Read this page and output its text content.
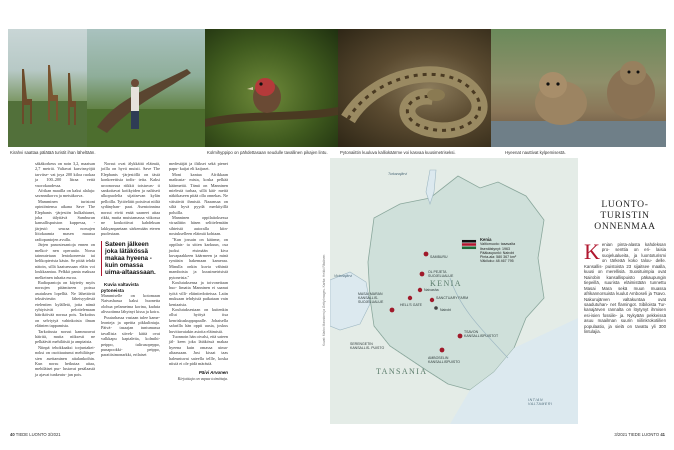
Kirahvi saattaa pälätää turistit ihan läheltään.	Kolmihyppipo on pähdettasaan seudulle tavallinen pikajen lintu.	Pytonaiittin kuuluva kalliokäärme voi kasvaa kuusimetriseksi.	Hyeenat nauttivat kylpemisestä.

säkäkorkeus on noin 3,2, maatsan 2,7 metriä. Valtavat kasvinsyöjät tarvitse- vat joya 200 kiloa ruokaa ja 100–200 litraa vettä vuorokaudessa.

Afrikan maailla on kaksi alalaja: savannikorva ja metsäkorva.

Mamminen turistoni opintöniensa aikana Save The Elephants -järjestön hulkahtanet, joka tälyttävä Samburun kansallispuiston kuppessa, -järjestö seuraa norsujen liitokaamia masen muassa radiopantojen avulla.

Järjen panostesantoja ennen on melkoi- nen operaatio. Norsu tainnutetaan lentokoneesta tai helikopterista käsin. Se pitää tehdä nätoin, sillä kaatuessaan eläin voi loukkaantua. Pelkkä panta maksaa melkeinen tuhatta euroa.

Radiopantoja on käytetty myös norsujen pitämiseen poissa asutuksen lopelltä. Ne lähettävät tekstiviestin läheisyydestä etelentien kylälletä, jotta nämä ryhtyisivät pelottelemaan häiriköivää norsua pois. Tarkoitus on selviytyä vahinkoista ilman eläinten tappamista.

Tarkoitusta norsut kammoavat häiritä, mutta niiksesti ne pelkäävät mehiläisiä ja ampiaisia.

Niinpä tehokkaaksi torjuntakei- noksi on osoittautunut mehiläispe- sien asettaminen aitalankoihin. Kun norsu hetkutaa aitaa, mehiläiset pur- lustavat pesälaastä ja ajavat tunkeutu- jan pois.

Norsut ovat älykkäitä eläimiä, joilla on hyvä muisti. Save The Elephants -järjestöllä on tästä konkreettisia todis- teita. Kaksi uroonorsua riikkit toistuvas- ti sankoitavat kotikyiden ja naltiseti ulkopuolelta sijaitsevan kylän pelloilla. Tyttöeläitt poistivat niiltä sydänyhan- paat. Asentoinnina norsut eivät enää saaneet aitaa rikki, mutta muistamassa viikossa ne koukottivat kahdeksan lakkyanpaetaan särkemään eteren puolestaan.

Sateen jälkeen joka lätäkössä makaa hyeena - kuin omassa uima-altaassaan.

Kuvia valtavista pytoneista

Mammiselle on kotomaan Naivashassa kaksi huonetta olohua pelametma korina, kaduta alivuotinna lähytnyt kissa ja koira.

Puutarhassa vastaan tulee kame- leonteja ja upeitta pikkulintuja. Päivä- tasaajan tuntumassa tavallisia siivek- käitä ovat valkkapu kaptaleita, kolmihi- peippo, tulirusopeppo, punapookki- peippo, paratiisimonarkki, erilaiset

medestäjät ja iltikset sekä pienet papu- kaijat eli kaijaset.

Moni kantaa Afrikkaan matkusta- mista, koska pelkää käärmeitä. Tämä on Manninen mielestä turhaa, sillä kää- meitä näkökaseen pitää olla onnekas. Ne väistävät ihmistä. Naaansaa on siltä hyvä pyydä merkityillä poluilla.

Manninen oppilaitoksessa viraalittin häsen selittelemään sihteistä autoralla kiin- nostukselleen eläimiä kohtaan.

"Kun jossain on käärme, on oppilais- ta sitten karkuun, osa juoksi etsimään kiva kuvapaakkeen käärmeen ja minä ryntäsin hakemaan kameraa. Minulla onkin kuvia vähintä mamboista ja kuusimetrisistä pytoneista."

Koulutuksensa ja toivoneitaan huo- limatta Manninen ei saanut työtä villi- eläintiedotteissa. Laiin muksaan tehdyistä paikataan vain keniaaisia.

Koulutuksestaan on kuitenkin ollut hyötyä itsa kenriskuskuppapaalle. Johaisella safarilla hän oppii uusia, joskus huvittavaiakin asioita eläimistä.

Tuonnoin hän oivalsi, että sateen jäl- keen joka lätäkössä makaa hyeena kuin omassa uima-altaassaan. Just kissat taas haleuntuvat sateella tellle, koska niistä ei ole pidä märästä.

Päivi Arvonen
Kirjoittaja on vapaa toimittaja.
Kuvat: Marko Manninen ja Getty Images. Kartta: Heikki Räsänen
Turkanajärvi
SAMBURU
OL PEJETA SUOJELUALUE
Naivasha
Victoriajärvi
MASAI MARAN KANSALLIS- SUOJELUALUE
SANCTUARY FARM
HELL'S GATE
Nairobi
TSAVON KANSALLISPUISTOT
SERENGETIN KANSALLIS- PUISTO
AMBOSELIN KANSALLISPUISTO
KENIA
TANSANIA
INTIAN VALTAMERI
Kenia
Valtiomuoto: tasavalta
Itsenäistynyt: 1963
Pääkaupunki: Nairobi
Pinta-ala: 580 367 km²
Väkiluku: 48 467 795
LUONTO-
TURISTIN
ONNENMAA
Kenian pinta-alasta kahdeksan pro- senttia on eri- laisia suojelualueita, ja luontoturismi on tärkeää koko talou- delle. Kansallis- puistoista 23 sijaitsee maalla, kuusi on merellisiä. Suosituimpia ovat Nairobin kansallispuisto päkaupungin tiepeillä, suurista eläimistään tunnettu Masai Mara sekä muun muassa afrikannorsuista kuulut Amboseli ja Tsavo. Nakurujärven valtakuntaa ovat saadutuhan- net flamingot. Sibiloista Tur- kanajärven rannalta on löytynyt ihmisen esi-isien fossiile- ja. Nykyään pekkeissä asuu maailman suurin niilinkrokotiilien populaatio, ja sielä on tavattu yli 300 lintulajia.
40 TIEDE LUONTO 3/2021	3/2021 TIEDE LUONTO 41
